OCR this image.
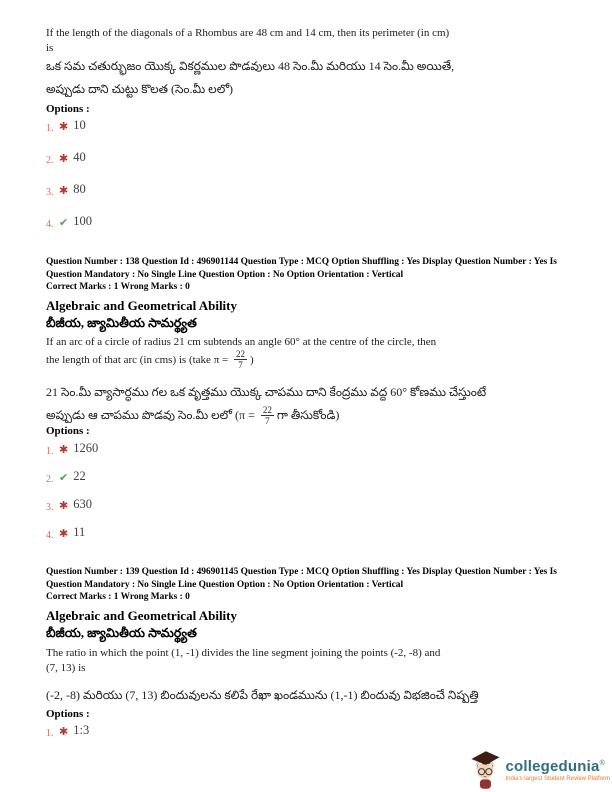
If the length of the diagonals of a Rhombus are 48 cm and 14 cm, then its perimeter (in cm)
is
ఒక సమ చతుర్భుజం యొక్క వికర్ణముల పొడవులు 48 సెం.మీ మరియు 14 సెం.మీ అయితే,
అప్పుడు దాని చుట్టు కొలత (సెం.మీ లలో)
Options :
1. ✱ 10
2. ✱ 40
3. ✱ 80
4. ✔ 100
Question Number : 138 Question Id : 496901144 Question Type : MCQ Option Shuffling : Yes Display Question Number : Yes Is
Question Mandatory : No Single Line Question Option : No Option Orientation : Vertical
Correct Marks : 1 Wrong Marks : 0
Algebraic and Geometrical Ability
బీజీయ, జ్యామితీయ సామర్థ్యత
If an arc of a circle of radius 21 cm subtends an angle 60° at the centre of the circle, then
the length of that arc (in cms) is (take $\pi = \frac{22}{7}$ )
21 సెం.మీ వ్యాసార్ధము గల ఒక వృత్తము యొక్క చాపము దాని కేంద్రము వద్ద 60° కోణము చేస్తుంటే
అప్పుడు ఆ చాపము పొడవు సెం.మీ లలో ($\pi = \frac{22}{7}$ గా తీసుకోండి)
Options :
1. ✱ 1260
2. ✔ 22
3. ✱ 630
4. ✱ 11
Question Number : 139 Question Id : 496901145 Question Type : MCQ Option Shuffling : Yes Display Question Number : Yes Is
Question Mandatory : No Single Line Question Option : No Option Orientation : Vertical
Correct Marks : 1 Wrong Marks : 0
Algebraic and Geometrical Ability
బీజీయ, జ్యామితీయ సామర్థ్యత
The ratio in which the point (1, -1) divides the line segment joining the points (-2, -8) and
(7, 13) is
(-2, -8) మరియు (7, 13) బిందువులను కలిపే రేఖా ఖండమును (1,-1) బిందువు విభజించే నిష్పత్తి
Options :
1. ✱ 1:3
collegedunia ®
India's largest Student Review Platform
